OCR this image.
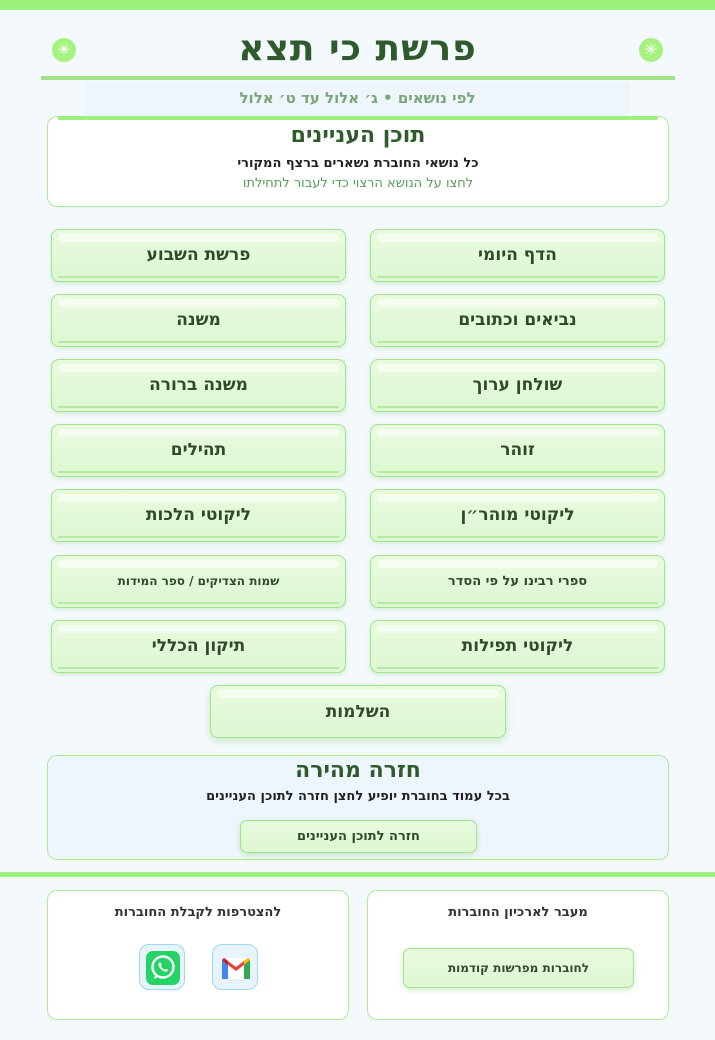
✳	✳
פרשת כי תצא
לפי נושאים • ג׳ אלול עד ט׳ אלול
תוכן העניינים
כל נושאי החוברת נשארים ברצף המקורי
לחצו על הנושא הרצוי כדי לעבור לתחילתו
הדף היומי
פרשת השבוע
נביאים וכתובים
משנה
שולחן ערוך
משנה ברורה
זוהר
תהילים
ליקוטי מוהר״ן
ליקוטי הלכות
ספרי רבינו על פי הסדר
שמות הצדיקים / ספר המידות
ליקוטי תפילות
תיקון הכללי
השלמות
חזרה מהירה
בכל עמוד בחוברת יופיע לחצן חזרה לתוכן העניינים
חזרה לתוכן העניינים
מעבר לארכיון החוברות
לחוברות מפרשות קודמות
להצטרפות לקבלת החוברות
